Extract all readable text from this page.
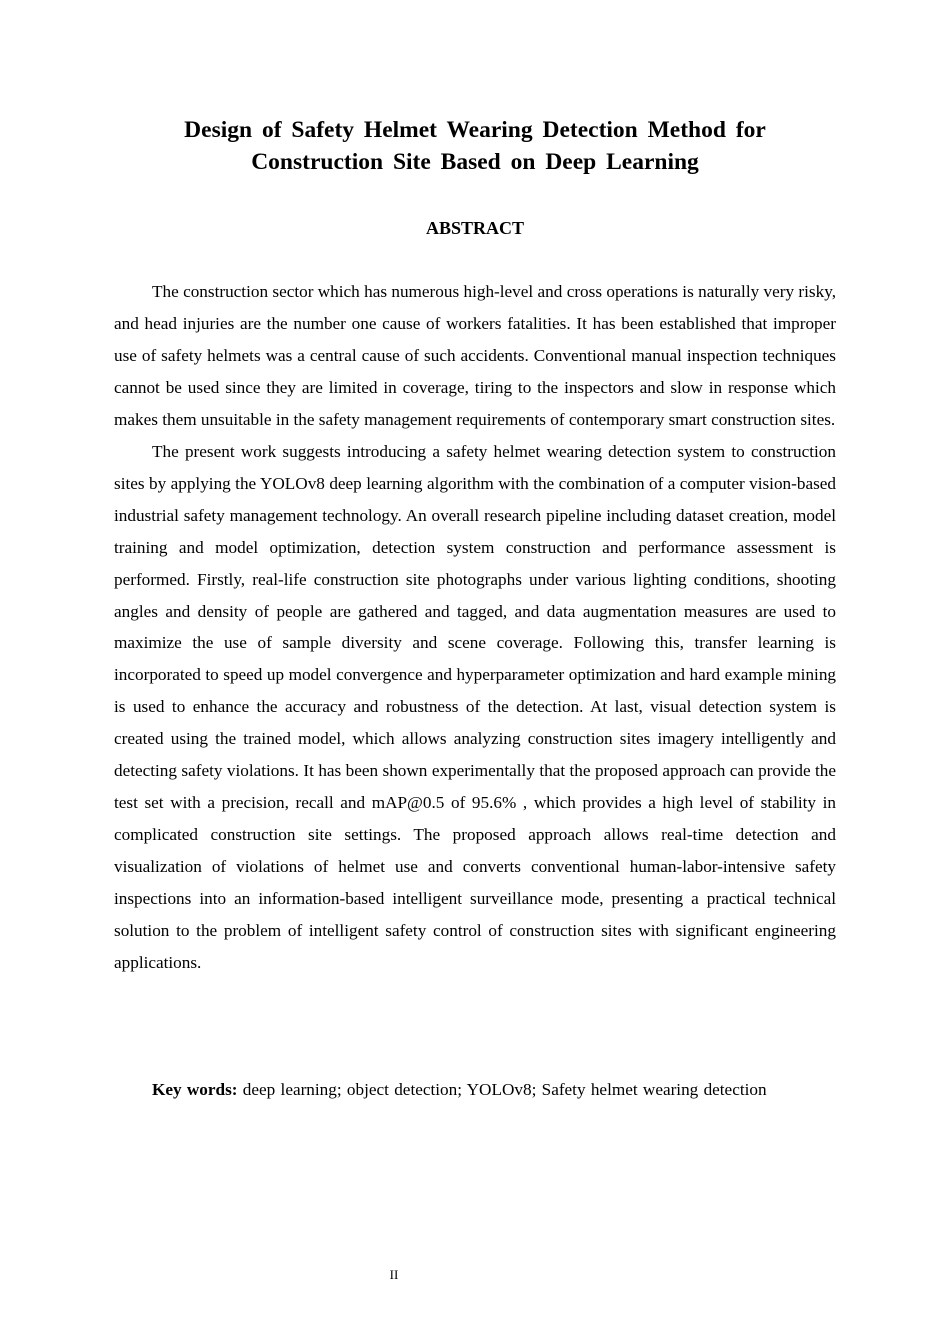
Design of Safety Helmet Wearing Detection Method for
Construction Site Based on Deep Learning
ABSTRACT

The construction sector which has numerous high-level and cross operations is naturally very risky, and head injuries are the number one cause of workers fatalities. It has been established that improper use of safety helmets was a central cause of such accidents. Conventional manual inspection techniques cannot be used since they are limited in coverage, tiring to the inspectors and slow in response which makes them unsuitable in the safety management requirements of contemporary smart construction sites.

The present work suggests introducing a safety helmet wearing detection system to construction sites by applying the YOLOv8 deep learning algorithm with the combination of a computer vision-based industrial safety management technology. An overall research pipeline including dataset creation, model training and model optimization, detection system construction and performance assessment is performed. Firstly, real-life construction site photographs under various lighting conditions, shooting angles and density of people are gathered and tagged, and data augmentation measures are used to maximize the use of sample diversity and scene coverage. Following this, transfer learning is incorporated to speed up model convergence and hyperparameter optimization and hard example mining is used to enhance the accuracy and robustness of the detection. At last, visual detection system is created using the trained model, which allows analyzing construction sites imagery intelligently and detecting safety violations. It has been shown experimentally that the proposed approach can provide the test set with a precision, recall and mAP@0.5 of 95.6% , which provides a high level of stability in complicated construction site settings. The proposed approach allows real-time detection and visualization of violations of helmet use and converts conventional human-labor-intensive safety inspections into an information-based intelligent surveillance mode, presenting a practical technical solution to the problem of intelligent safety control of construction sites with significant engineering applications.

Key words: deep learning; object detection; YOLOv8; Safety helmet wearing detection

II
